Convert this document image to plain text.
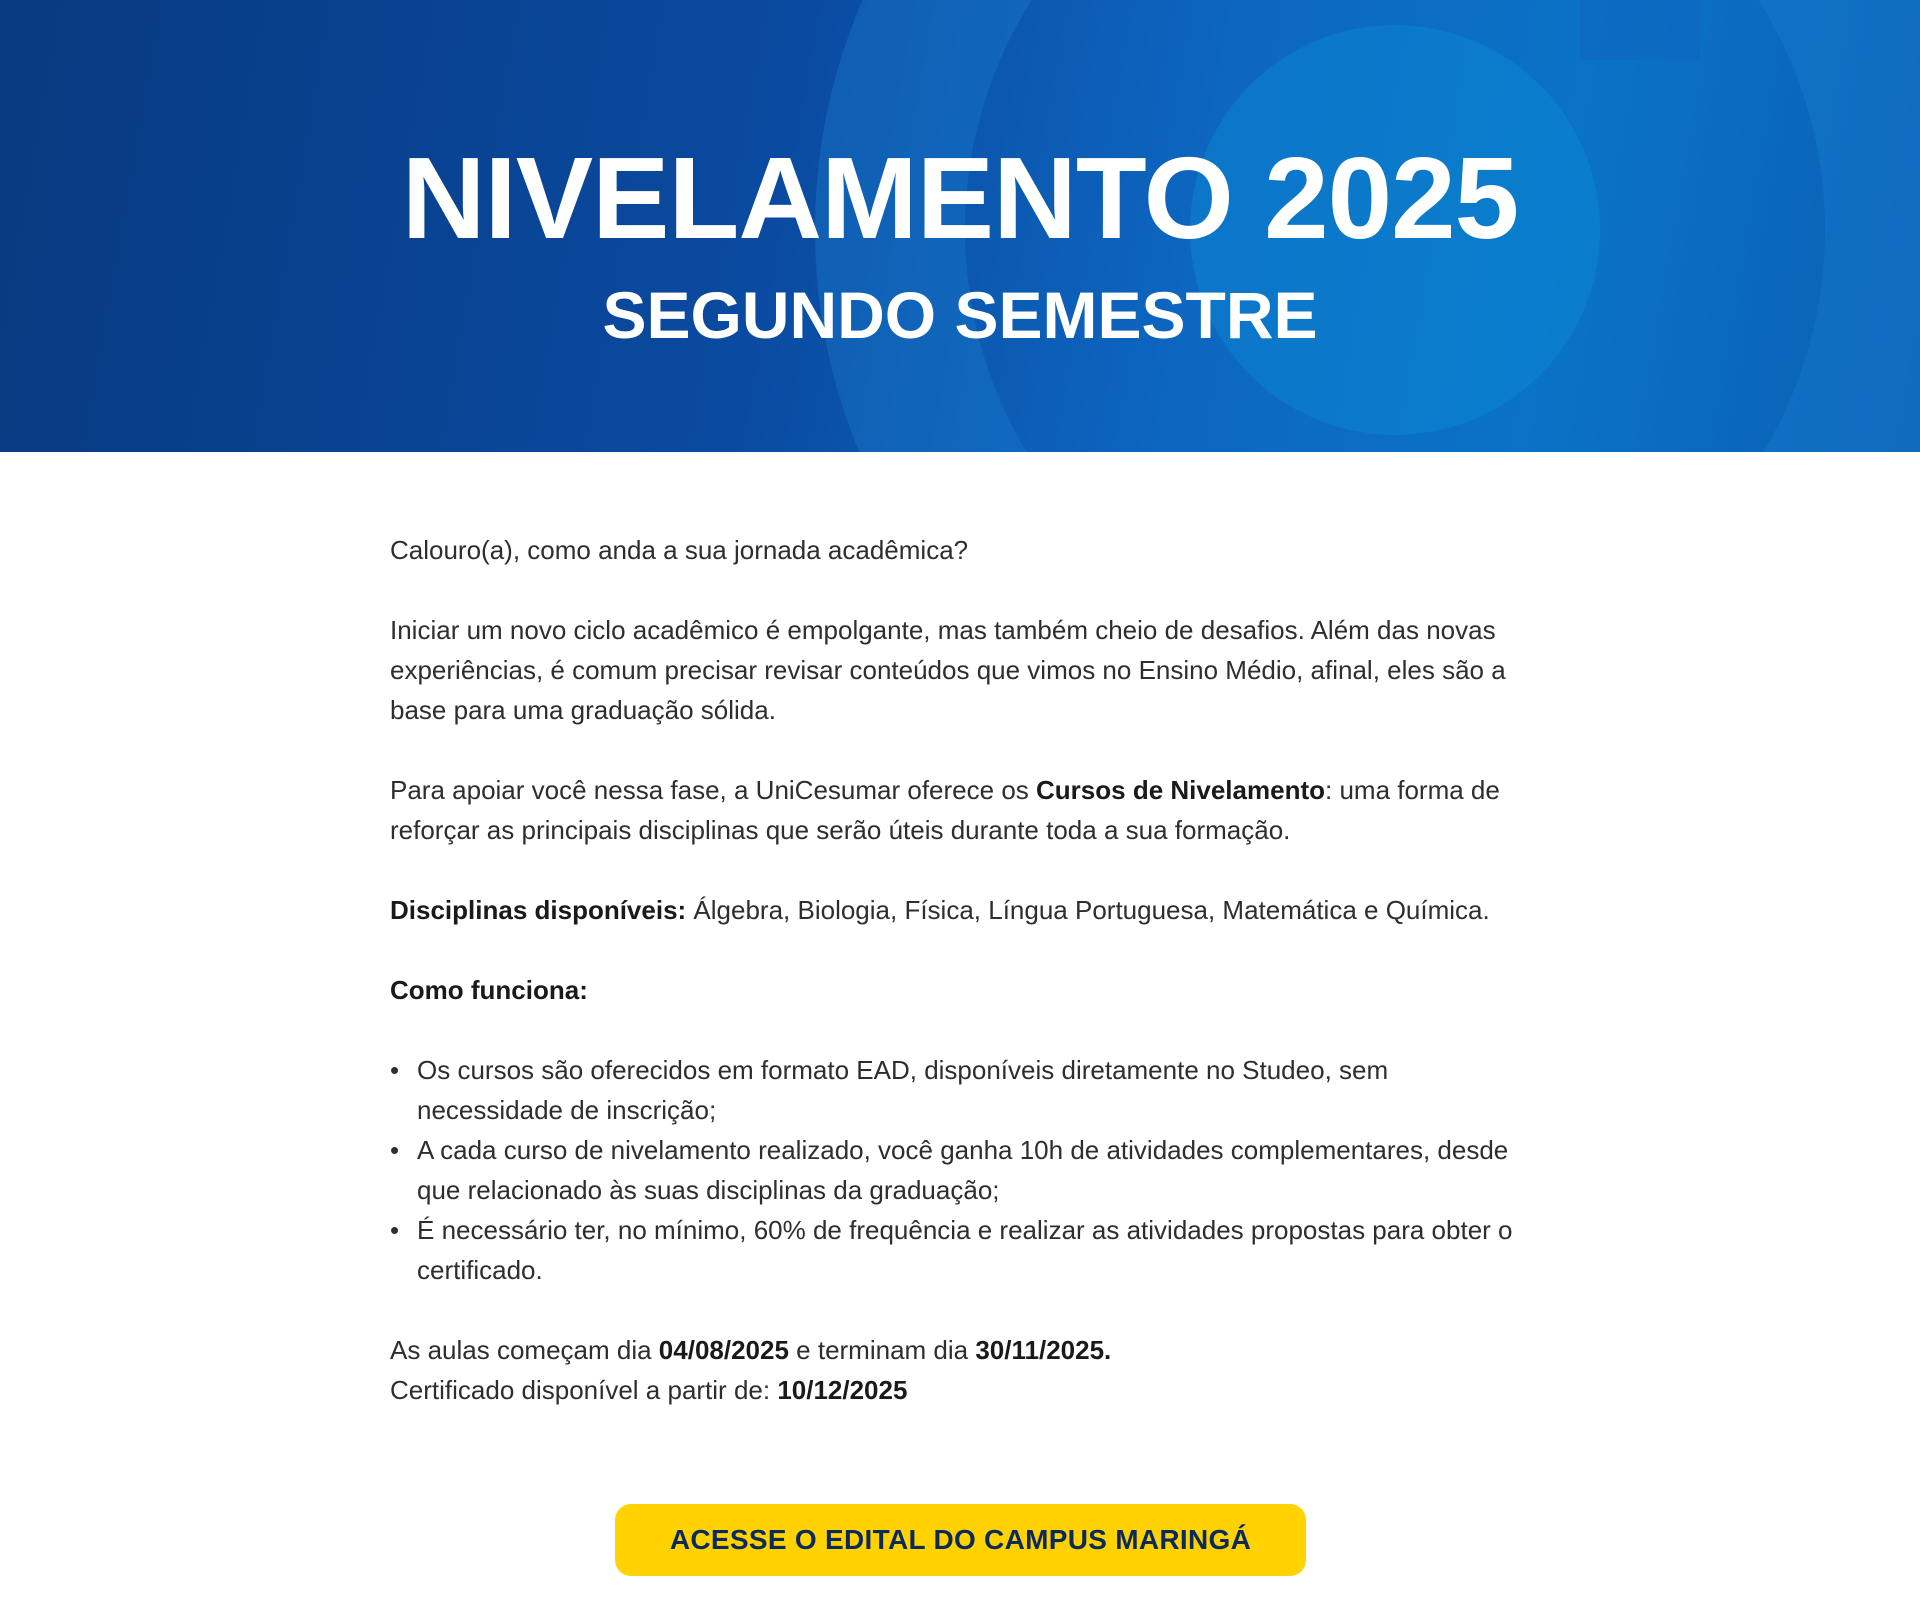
NIVELAMENTO 2025
SEGUNDO SEMESTRE

Calouro(a), como anda a sua jornada acadêmica?

Iniciar um novo ciclo acadêmico é empolgante, mas também cheio de desafios. Além das novas experiências, é comum precisar revisar conteúdos que vimos no Ensino Médio, afinal, eles são a base para uma graduação sólida.

Para apoiar você nessa fase, a UniCesumar oferece os Cursos de Nivelamento: uma forma de reforçar as principais disciplinas que serão úteis durante toda a sua formação.

Disciplinas disponíveis: Álgebra, Biologia, Física, Língua Portuguesa, Matemática e Química.

Como funciona:

• Os cursos são oferecidos em formato EAD, disponíveis diretamente no Studeo, sem necessidade de inscrição;
• A cada curso de nivelamento realizado, você ganha 10h de atividades complementares, desde que relacionado às suas disciplinas da graduação;
• É necessário ter, no mínimo, 60% de frequência e realizar as atividades propostas para obter o certificado.

As aulas começam dia 04/08/2025 e terminam dia 30/11/2025.
Certificado disponível a partir de: 10/12/2025

ACESSE O EDITAL DO CAMPUS MARINGÁ
